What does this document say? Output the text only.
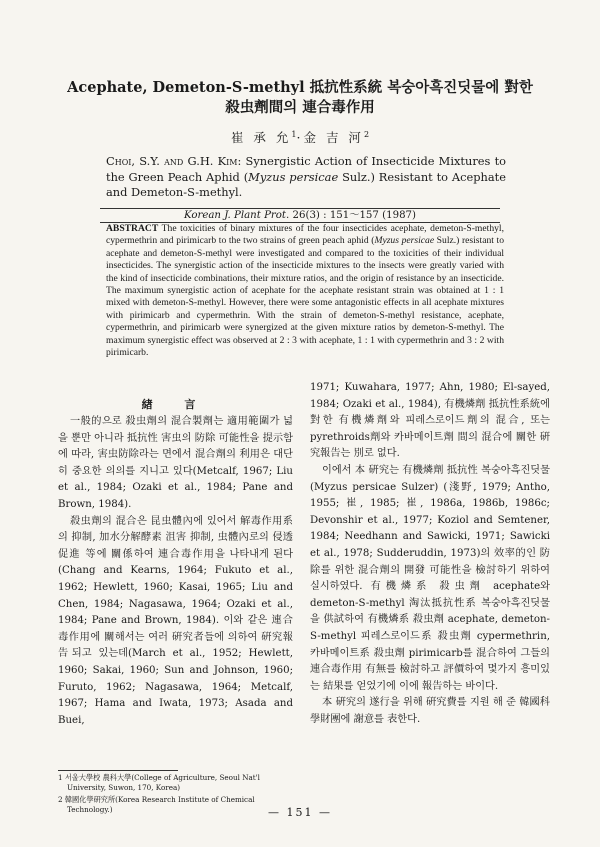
Acephate, Demeton-S-methyl 抵抗性系統 복숭아흑진딧물에 對한
殺虫劑間의 連合毒作用
崔 承 允$^1$·金 吉 河$^2$
Choi, S.Y. and G.H. Kim: Synergistic Action of Insecticide Mixtures to the Green Peach Aphid (Myzus persicae Sulz.) Resistant to Acephate and Demeton-S-methyl.
Korean J. Plant Prot. 26(3) : 151～157 (1987)
ABSTRACT The toxicities of binary mixtures of the four insecticides acephate, demeton-S-methyl, cypermethrin and pirimicarb to the two strains of green peach aphid (Myzus persicae Sulz.) resistant to acephate and demeton-S-methyl were investigated and compared to the toxicities of their individual insecticides. The synergistic action of the insecticide mixtures to the insects were greatly varied with the kind of insecticide combinations, their mixture ratios, and the origin of resistance by an insecticide. The maximum synergistic action of acephate for the acephate resistant strain was obtained at 1 : 1 mixed with demeton-S-methyl. However, there were some antagonistic effects in all acephate mixtures with pirimicarb and cypermethrin. With the strain of demeton-S-methyl resistance, acephate, cypermethrin, and pirimicarb were synergized at the given mixture ratios by demeton-S-methyl. The maximum synergistic effect was observed at 2 : 3 with acephate, 1 : 1 with cypermethrin and 3 : 2 with pirimicarb.
緖 言

一般的으로 殺虫劑의 混合製劑는 適用範圍가 넓을 뿐만 아니라 抵抗性 害虫의 防除 可能性을 提示함에 따라, 害虫防除라는 면에서 混合劑의 利用은 대단히 중요한 의의를 지니고 있다(Metcalf, 1967; Liu et al., 1984; Ozaki et al., 1984; Pane and Brown, 1984).

殺虫劑의 混合은 昆虫體內에 있어서 解毒作用系의 抑制, 加水分解酵素 沮害 抑制, 虫體內로의 侵透促進 等에 關係하여 連合毒作用을 나타내게 된다(Chang and Kearns, 1964; Fukuto et al., 1962; Hewlett, 1960; Kasai, 1965; Liu and Chen, 1984; Nagasawa, 1964; Ozaki et al., 1984; Pane and Brown, 1984). 이와 같은 連合毒作用에 關해서는 여러 硏究者들에 의하여 硏究報告되고 있는데(March et al., 1952; Hewlett, 1960; Sakai, 1960; Sun and Johnson, 1960; Furuto, 1962; Nagasawa, 1964; Metcalf, 1967; Hama and Iwata, 1973; Asada and Buei,

1971; Kuwahara, 1977; Ahn, 1980; El-sayed, 1984; Ozaki et al., 1984), 有機燐劑 抵抗性系統에 對한 有機燐劑와 피레스로이드劑의 混合, 또는 pyrethroids劑와 카바메이트劑 間의 混合에 關한 硏究報告는 別로 없다.

이에서 本 硏究는 有機燐劑 抵抗性 복숭아흑진딧물(Myzus persicae Sulzer) (淺野, 1979; Antho, 1955; 崔, 1985; 崔, 1986a, 1986b, 1986c; Devonshir et al., 1977; Koziol and Semtener, 1984; Needhann and Sawicki, 1971; Sawicki et al., 1978; Sudderuddin, 1973)의 效率的인 防除를 위한 混合劑의 開發 可能性을 檢討하기 위하여 실시하였다. 有機燐系 殺虫劑 acephate와 demeton-S-methyl 淘汰抵抗性系 복숭아흑진딧물을 供試하여 有機燐系 殺虫劑 acephate, demeton-S-methyl 피레스로이드系 殺虫劑 cypermethrin, 카바메이트系 殺虫劑 pirimicarb를 混合하여 그들의 連合毒作用 有無를 檢討하고 評價하여 몇가지 흥미있는 結果를 얻었기에 이에 報告하는 바이다.

本 硏究의 遂行을 위해 硏究費를 지원 해 준 韓國科學財團에 謝意를 表한다.

1 서울大學校 農科大學(College of Agriculture, Seoul Nat'l University, Suwon, 170, Korea)
2 韓國化學硏究所(Korea Research Institute of Chemical Technology.)	— 151 —
